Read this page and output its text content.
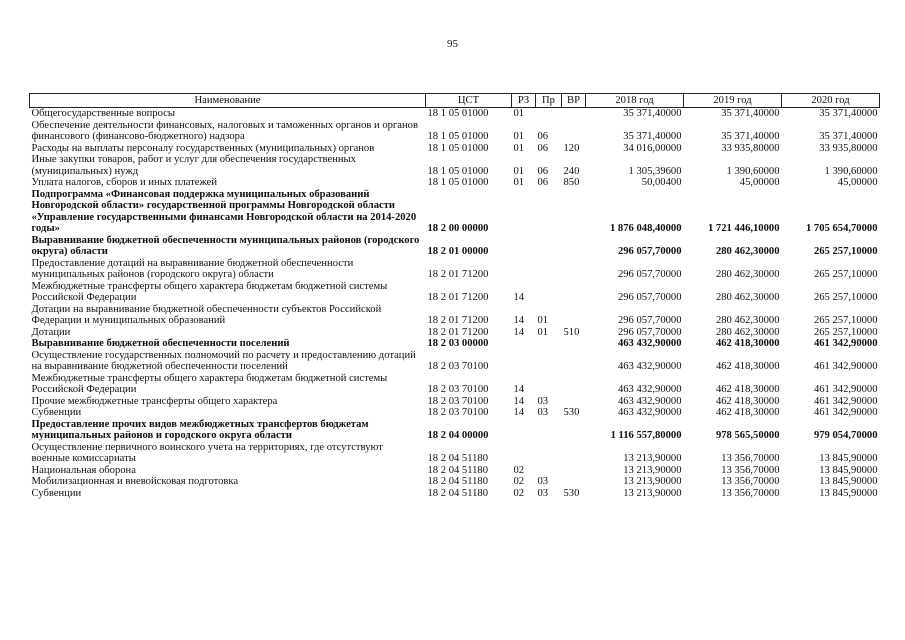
95
Наименование	ЦСТ	РЗ	Пр	ВР	2018 год	2019 год	2020 год
Общегосударственные вопросы	18 1 05 01000	01			35 371,40000	35 371,40000	35 371,40000
Обеспечение деятельности финансовых, налоговых и таможенных органов и органов финансового (финансово-бюджетного) надзора	18 1 05 01000	01	06		35 371,40000	35 371,40000	35 371,40000
Расходы на выплаты персоналу государственных (муниципальных) органов	18 1 05 01000	01	06	120	34 016,00000	33 935,80000	33 935,80000
Иные закупки товаров, работ и услуг для обеспечения государственных (муниципальных) нужд	18 1 05 01000	01	06	240	1 305,39600	1 390,60000	1 390,60000
Уплата налогов, сборов и иных платежей	18 1 05 01000	01	06	850	50,00400	45,00000	45,00000
Подпрограмма «Финансовая поддержка муниципальных образований Новгородской области» государственной программы Новгородской области «Управление государственными финансами Новгородской области на 2014-2020 годы»	18 2 00 00000				1 876 048,40000	1 721 446,10000	1 705 654,70000
Выравнивание бюджетной обеспеченности муниципальных районов (городского округа) области	18 2 01 00000				296 057,70000	280 462,30000	265 257,10000
Предоставление дотаций на выравнивание бюджетной обеспеченности муниципальных районов (городского округа) области	18 2 01 71200				296 057,70000	280 462,30000	265 257,10000
Межбюджетные трансферты общего характера бюджетам бюджетной системы Российской Федерации	18 2 01 71200	14			296 057,70000	280 462,30000	265 257,10000
Дотации на выравнивание бюджетной обеспеченности субъектов Российской Федерации и муниципальных образований	18 2 01 71200	14	01		296 057,70000	280 462,30000	265 257,10000
Дотации	18 2 01 71200	14	01	510	296 057,70000	280 462,30000	265 257,10000
Выравнивание бюджетной обеспеченности поселений	18 2 03 00000				463 432,90000	462 418,30000	461 342,90000
Осуществление государственных полномочий по расчету и предоставлению дотаций на выравнивание бюджетной обеспеченности поселений	18 2 03 70100				463 432,90000	462 418,30000	461 342,90000
Межбюджетные трансферты общего характера бюджетам бюджетной системы Российской Федерации	18 2 03 70100	14			463 432,90000	462 418,30000	461 342,90000
Прочие межбюджетные трансферты общего характера	18 2 03 70100	14	03		463 432,90000	462 418,30000	461 342,90000
Субвенции	18 2 03 70100	14	03	530	463 432,90000	462 418,30000	461 342,90000
Предоставление прочих видов межбюджетных трансфертов бюджетам муниципальных районов и городского округа области	18 2 04 00000				1 116 557,80000	978 565,50000	979 054,70000
Осуществление первичного воинского учета на территориях, где отсутствуют военные комиссариаты	18 2 04 51180				13 213,90000	13 356,70000	13 845,90000
Национальная оборона	18 2 04 51180	02			13 213,90000	13 356,70000	13 845,90000
Мобилизационная и вневойсковая подготовка	18 2 04 51180	02	03		13 213,90000	13 356,70000	13 845,90000
Субвенции	18 2 04 51180	02	03	530	13 213,90000	13 356,70000	13 845,90000
